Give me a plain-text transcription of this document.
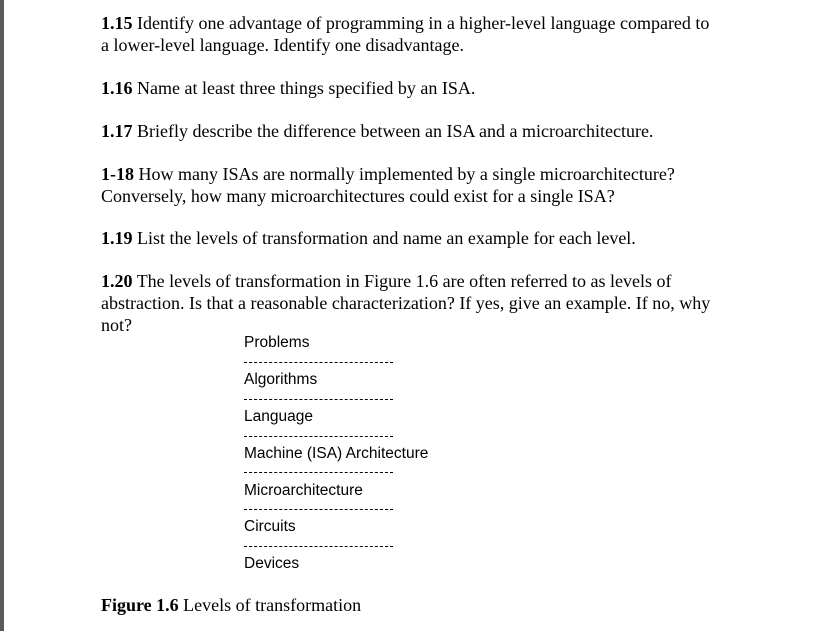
1.15 Identify one advantage of programming in a higher-level language compared to a lower-level language. Identify one disadvantage.
1.16 Name at least three things specified by an ISA.
1.17 Briefly describe the difference between an ISA and a microarchitecture.
1-18 How many ISAs are normally implemented by a single microarchitecture? Conversely, how many microarchitectures could exist for a single ISA?
1.19 List the levels of transformation and name an example for each level.
1.20 The levels of transformation in Figure 1.6 are often referred to as levels of abstraction. Is that a reasonable characterization? If yes, give an example. If no, why not?
Problems
Algorithms
Language
Machine (ISA) Architecture
Microarchitecture
Circuits
Devices
Figure 1.6 Levels of transformation
